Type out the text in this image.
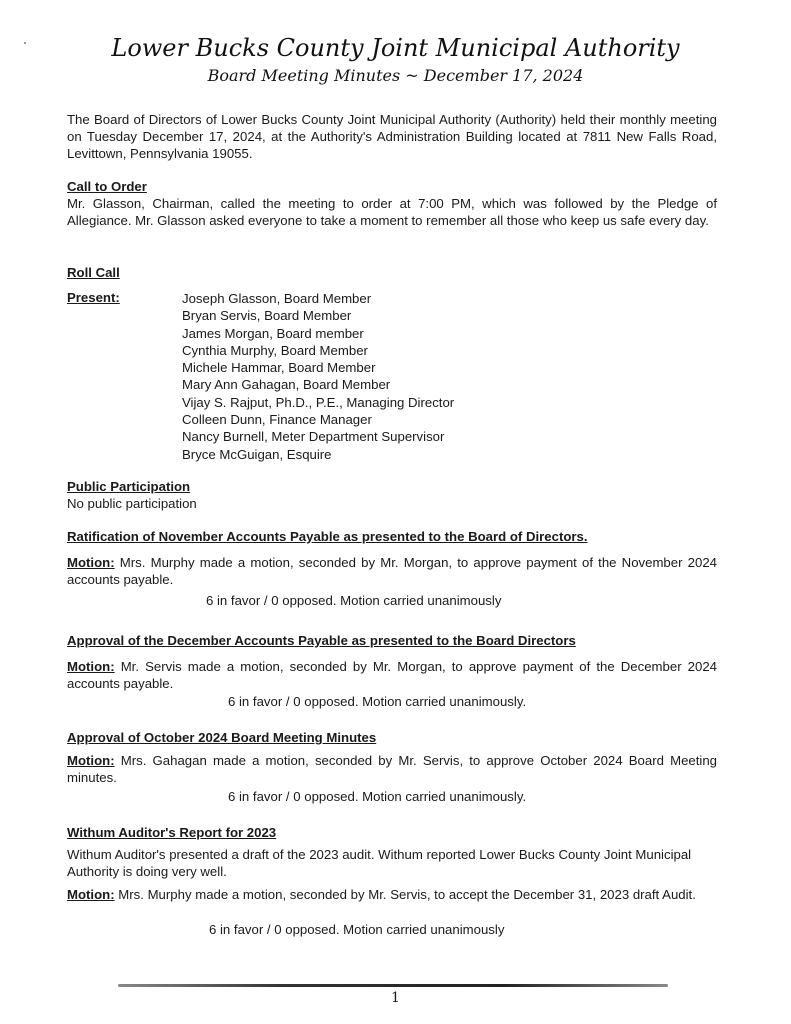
Lower Bucks County Joint Municipal Authority
Board Meeting Minutes ~ December 17, 2024
The Board of Directors of Lower Bucks County Joint Municipal Authority (Authority) held their monthly meeting on Tuesday December 17, 2024, at the Authority's Administration Building located at 7811 New Falls Road, Levittown, Pennsylvania 19055.
Call to Order
Mr. Glasson, Chairman, called the meeting to order at 7:00 PM, which was followed by the Pledge of Allegiance. Mr. Glasson asked everyone to take a moment to remember all those who keep us safe every day.
Roll Call
Present:	Joseph Glasson, Board Member
Bryan Servis, Board Member
James Morgan, Board member
Cynthia Murphy, Board Member
Michele Hammar, Board Member
Mary Ann Gahagan, Board Member
Vijay S. Rajput, Ph.D., P.E., Managing Director
Colleen Dunn, Finance Manager
Nancy Burnell, Meter Department Supervisor
Bryce McGuigan, Esquire
Public Participation
No public participation
Ratification of November Accounts Payable as presented to the Board of Directors.
Motion: Mrs. Murphy made a motion, seconded by Mr. Morgan, to approve payment of the November 2024 accounts payable.
6 in favor / 0 opposed. Motion carried unanimously
Approval of the December Accounts Payable as presented to the Board Directors
Motion: Mr. Servis made a motion, seconded by Mr. Morgan, to approve payment of the December 2024 accounts payable.
6 in favor / 0 opposed. Motion carried unanimously.
Approval of October 2024 Board Meeting Minutes
Motion: Mrs. Gahagan made a motion, seconded by Mr. Servis, to approve October 2024 Board Meeting minutes.
6 in favor / 0 opposed. Motion carried unanimously.
Withum Auditor's Report for 2023
Withum Auditor's presented a draft of the 2023 audit. Withum reported Lower Bucks County Joint Municipal Authority is doing very well.
Motion: Mrs. Murphy made a motion, seconded by Mr. Servis, to accept the December 31, 2023 draft Audit.
6 in favor / 0 opposed. Motion carried unanimously
1
